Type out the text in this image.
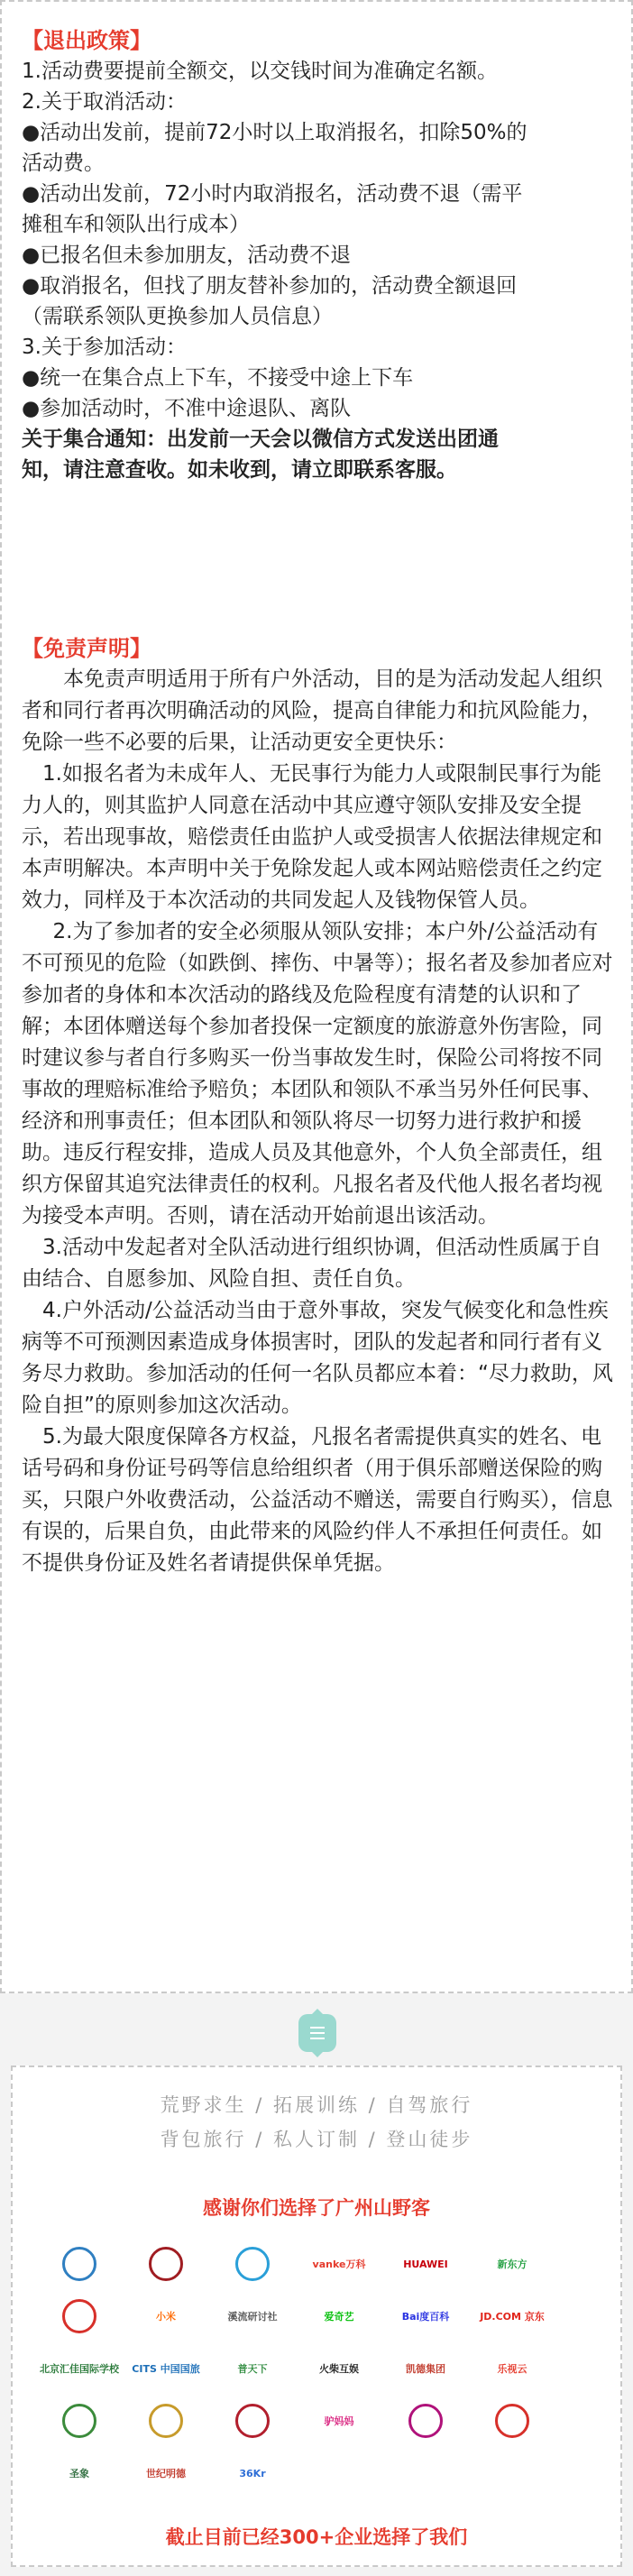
【退出政策】
1.活动费要提前全额交，以交钱时间为准确定名额。
2.关于取消活动：
●活动出发前，提前72小时以上取消报名，扣除50%的
活动费。
●活动出发前，72小时内取消报名，活动费不退（需平
摊租车和领队出行成本）
●已报名但未参加朋友，活动费不退
●取消报名，但找了朋友替补参加的，活动费全额退回
（需联系领队更换参加人员信息）
3.关于参加活动：
●统一在集合点上下车，不接受中途上下车
●参加活动时，不准中途退队、离队
关于集合通知：出发前一天会以微信方式发送出团通
知，请注意查收。如未收到，请立即联系客服。
【免责声明】

本免责声明适用于所有户外活动，目的是为活动发起人组织者和同行者再次明确活动的风险，提高自律能力和抗风险能力，免除一些不必要的后果，让活动更安全更快乐：

1.如报名者为未成年人、无民事行为能力人或限制民事行为能力人的，则其监护人同意在活动中其应遵守领队安排及安全提示，若出现事故，赔偿责任由监护人或受损害人依据法律规定和本声明解决。本声明中关于免除发起人或本网站赔偿责任之约定效力，同样及于本次活动的共同发起人及钱物保管人员。

2.为了参加者的安全必须服从领队安排；本户外/公益活动有不可预见的危险（如跌倒、摔伤、中暑等）；报名者及参加者应对参加者的身体和本次活动的路线及危险程度有清楚的认识和了解；本团体赠送每个参加者投保一定额度的旅游意外伤害险，同时建议参与者自行多购买一份当事故发生时，保险公司将按不同事故的理赔标准给予赔负；本团队和领队不承当另外任何民事、经济和刑事责任；但本团队和领队将尽一切努力进行救护和援助。违反行程安排，造成人员及其他意外，个人负全部责任，组织方保留其追究法律责任的权利。凡报名者及代他人报名者均视为接受本声明。否则，请在活动开始前退出该活动。

3.活动中发起者对全队活动进行组织协调，但活动性质属于自由结合、自愿参加、风险自担、责任自负。

4.户外活动/公益活动当由于意外事故，突发气候变化和急性疾病等不可预测因素造成身体损害时，团队的发起者和同行者有义务尽力救助。参加活动的任何一名队员都应本着：“尽力救助，风险自担”的原则参加这次活动。

5.为最大限度保障各方权益，凡报名者需提供真实的姓名、电话号码和身份证号码等信息给组织者（用于俱乐部赠送保险的购买，只限户外收费活动，公益活动不赠送，需要自行购买），信息有误的，后果自负，由此带来的风险约伴人不承担任何责任。如不提供身份证及姓名者请提供保单凭据。

荒野求生 / 拓展训练 / 自驾旅行
背包旅行 / 私人订制 / 登山徒步
感谢你们选择了广州山野客
vanke万科	HUAWEI	新东方
小米	溪流研讨社	爱奇艺	Bai度百科	JD.COM 京东
北京汇佳国际学校	CITS 中国国旅	普天下	火柴互娱	凯德集团	乐视云
驴妈妈
圣象	世纪明德	36Kr
截止目前已经300+企业选择了我们
